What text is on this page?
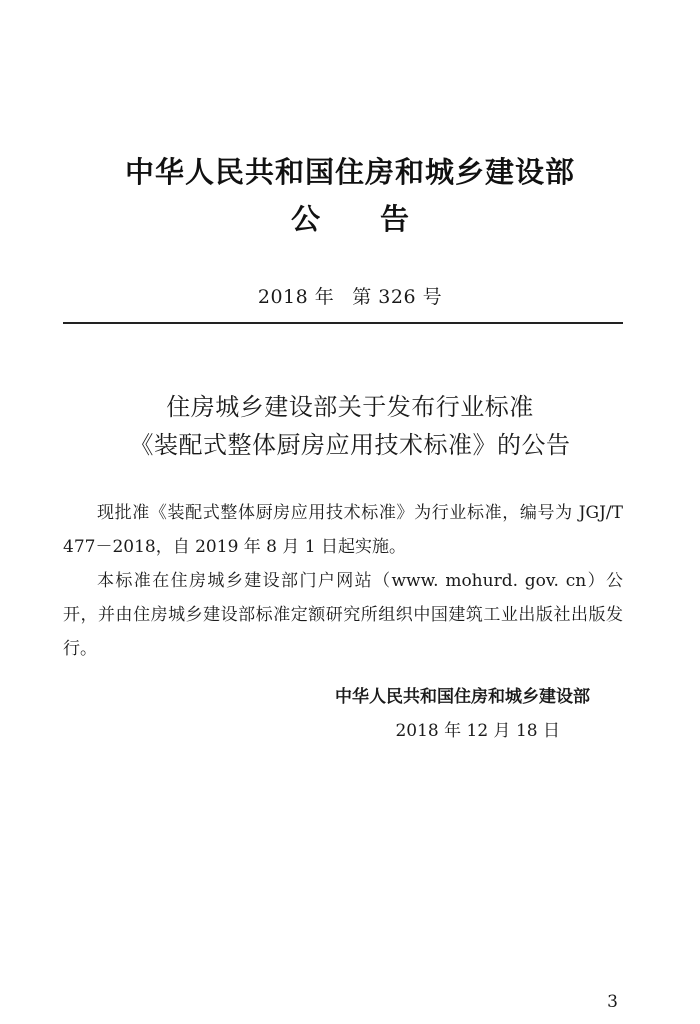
中华人民共和国住房和城乡建设部
公 告
2018 年 第 326 号
住房城乡建设部关于发布行业标准
《装配式整体厨房应用技术标准》的公告

现批准《装配式整体厨房应用技术标准》为行业标准，编号为 JGJ/T 477－2018，自 2019 年 8 月 1 日起实施。

本标准在住房城乡建设部门户网站（www. mohurd. gov. cn）公开，并由住房城乡建设部标准定额研究所组织中国建筑工业出版社出版发行。

中华人民共和国住房和城乡建设部
2018 年 12 月 18 日
3
